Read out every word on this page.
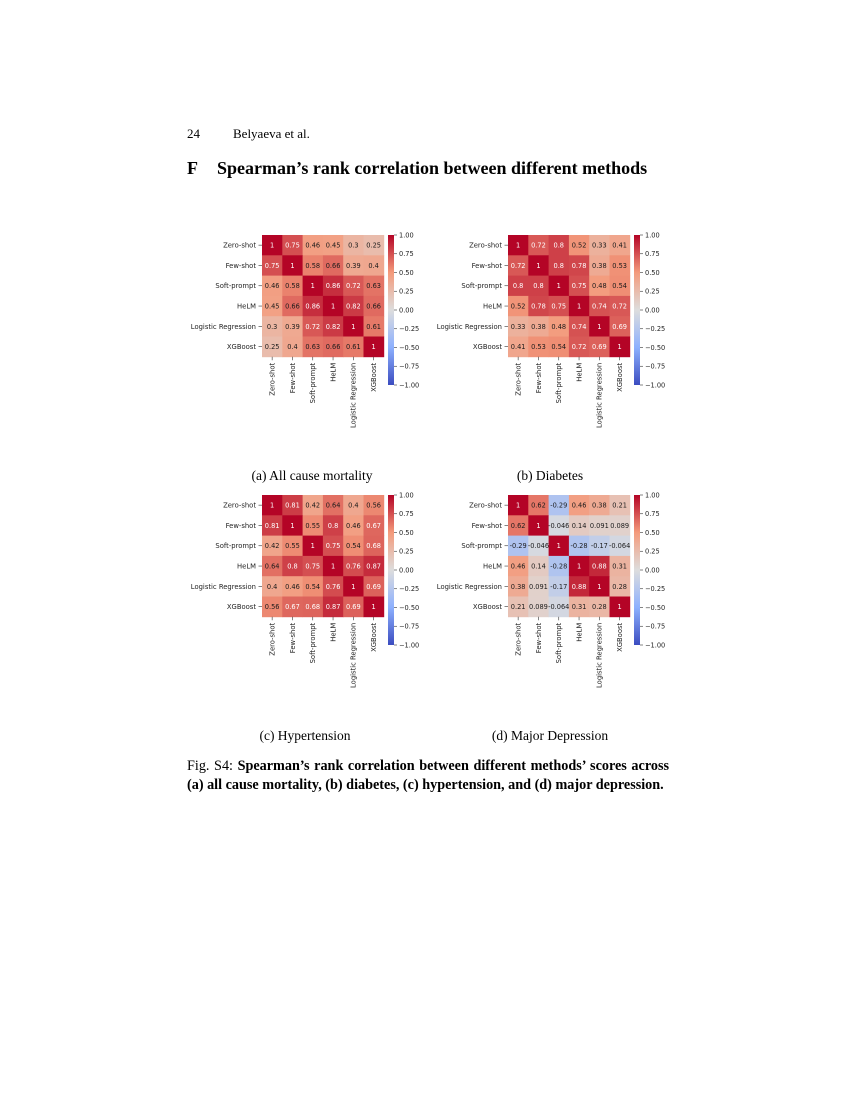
24	Belyaeva et al.
F Spearman’s rank correlation between different methods
1 0.75 0.46 0.45 0.3 0.25
0.75 1 0.58 0.66 0.39 0.4
0.46 0.58 1 0.86 0.72 0.63
0.45 0.66 0.86 1 0.82 0.66
0.3 0.39 0.72 0.82 1 0.61
0.25 0.4 0.63 0.66 0.61 1
Zero-shot
Few-shot
Soft-prompt
HeLM
Logistic Regression
XGBoost
Zero-shot Few-shot Soft-prompt HeLM Logistic Regression XGBoost
1.00
0.75
0.50
0.25
0.00
−0.25
−0.50
−0.75
−1.00
1 0.72 0.8 0.52 0.33 0.41
0.72 1 0.8 0.78 0.38 0.53
0.8 0.8 1 0.75 0.48 0.54
0.52 0.78 0.75 1 0.74 0.72
0.33 0.38 0.48 0.74 1 0.69
0.41 0.53 0.54 0.72 0.69 1
Zero-shot
Few-shot
Soft-prompt
HeLM
Logistic Regression
XGBoost
Zero-shot Few-shot Soft-prompt HeLM Logistic Regression XGBoost
1.00
0.75
0.50
0.25
0.00
−0.25
−0.50
−0.75
−1.00
1 0.81 0.42 0.64 0.4 0.56
0.81 1 0.55 0.8 0.46 0.67
0.42 0.55 1 0.75 0.54 0.68
0.64 0.8 0.75 1 0.76 0.87
0.4 0.46 0.54 0.76 1 0.69
0.56 0.67 0.68 0.87 0.69 1
Zero-shot
Few-shot
Soft-prompt
HeLM
Logistic Regression
XGBoost
Zero-shot Few-shot Soft-prompt HeLM Logistic Regression XGBoost
1.00
0.75
0.50
0.25
0.00
−0.25
−0.50
−0.75
−1.00
1 0.62 -0.29 0.46 0.38 0.21
0.62 1 -0.046 0.14 0.091 0.089
-0.29 -0.046 1 -0.28 -0.17 -0.064
0.46 0.14 -0.28 1 0.88 0.31
0.38 0.091 -0.17 0.88 1 0.28
0.21 0.089 -0.064 0.31 0.28 1
Zero-shot
Few-shot
Soft-prompt
HeLM
Logistic Regression
XGBoost
Zero-shot Few-shot Soft-prompt HeLM Logistic Regression XGBoost
1.00
0.75
0.50
0.25
0.00
−0.25
−0.50
−0.75
−1.00
(a) All cause mortality	(b) Diabetes
(c) Hypertension	(d) Major Depression
Fig. S4: Spearman’s rank correlation between different methods’ scores across (a) all cause mortality, (b) diabetes, (c) hypertension, and (d) major depression.
